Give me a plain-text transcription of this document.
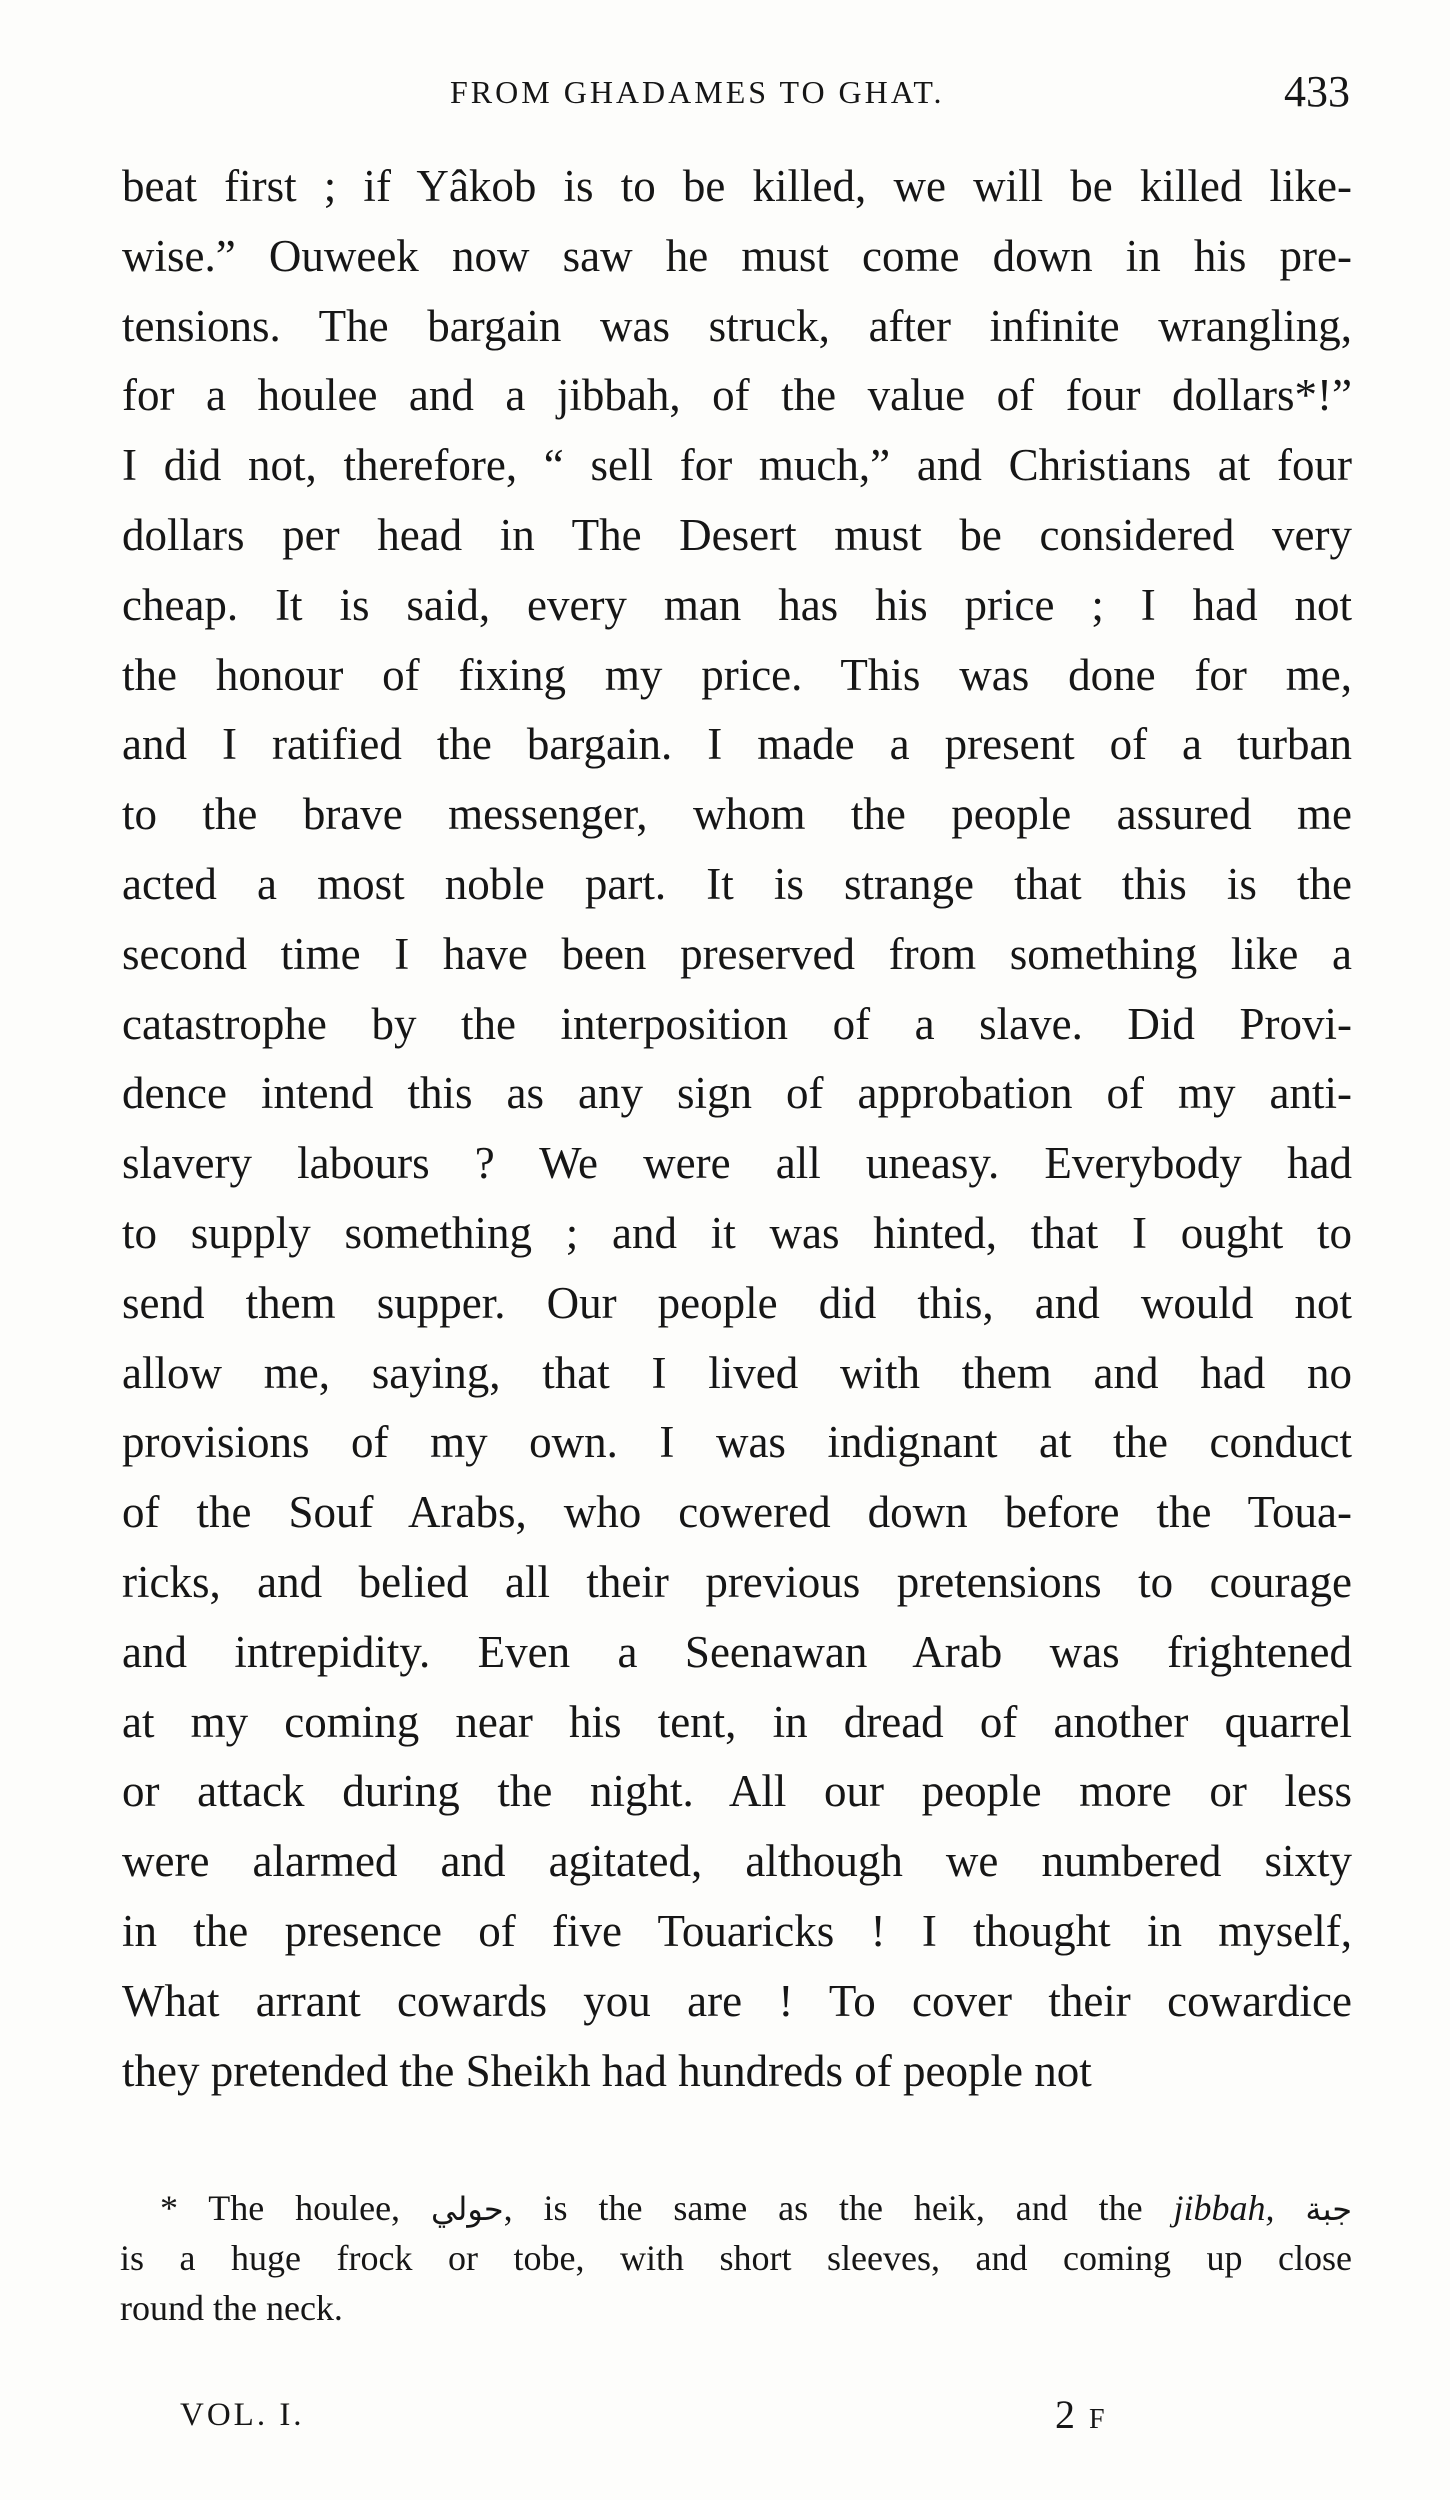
FROM GHADAMES TO GHAT.	433
beat first ; if Yâkob is to be killed, we will be killed like-
wise.” Ouweek now saw he must come down in his pre-
tensions. The bargain was struck, after infinite wrangling,
for a houlee and a jibbah, of the value of four dollars*!”
I did not, therefore, “ sell for much,” and Christians at four
dollars per head in The Desert must be considered very
cheap. It is said, every man has his price ; I had not
the honour of fixing my price. This was done for me,
and I ratified the bargain. I made a present of a turban
to the brave messenger, whom the people assured me
acted a most noble part. It is strange that this is the
second time I have been preserved from something like a
catastrophe by the interposition of a slave. Did Provi-
dence intend this as any sign of approbation of my anti-
slavery labours ? We were all uneasy. Everybody had
to supply something ; and it was hinted, that I ought to
send them supper. Our people did this, and would not
allow me, saying, that I lived with them and had no
provisions of my own. I was indignant at the conduct
of the Souf Arabs, who cowered down before the Toua-
ricks, and belied all their previous pretensions to courage
and intrepidity. Even a Seenawan Arab was frightened
at my coming near his tent, in dread of another quarrel
or attack during the night. All our people more or less
were alarmed and agitated, although we numbered sixty
in the presence of five Touaricks ! I thought in myself,
What arrant cowards you are ! To cover their cowardice
they pretended the Sheikh had hundreds of people not
* The houlee, حولي, is the same as the heik, and the jibbah, جبة
is a huge frock or tobe, with short sleeves, and coming up close
round the neck.
VOL. I.	2 F
